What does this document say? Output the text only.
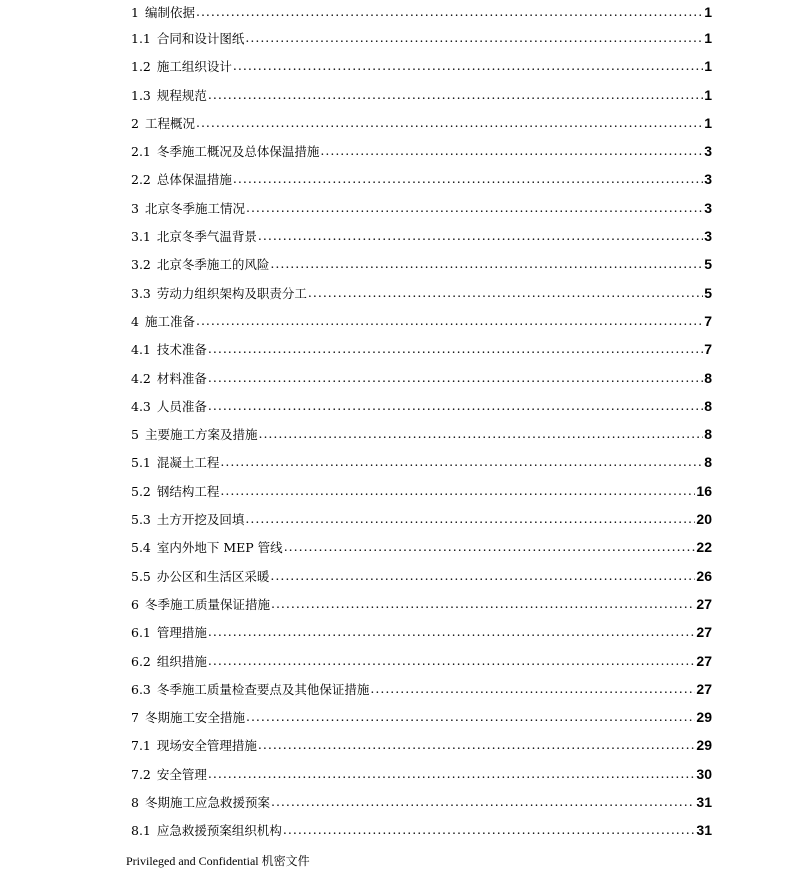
1 编制依据 .....	1
1.1 合同和设计图纸 .....	1
1.2 施工组织设计 .....	1
1.3 规程规范 .....	1
2 工程概况 .....	1
2.1 冬季施工概况及总体保温措施 .....	3
2.2 总体保温措施 .....	3
3 北京冬季施工情况 .....	3
3.1 北京冬季气温背景 .....	3
3.2 北京冬季施工的风险 .....	5
3.3 劳动力组织架构及职责分工 .....	5
4 施工准备 .....	7
4.1 技术准备 .....	7
4.2 材料准备 .....	8
4.3 人员准备 .....	8
5 主要施工方案及措施 .....	8
5.1 混凝土工程 .....	8
5.2 钢结构工程 .....	16
5.3 土方开挖及回填 .....	20
5.4 室内外地下 MEP 管线 .....	22
5.5 办公区和生活区采暖 .....	26
6 冬季施工质量保证措施 .....	27
6.1 管理措施 .....	27
6.2 组织措施 .....	27
6.3 冬季施工质量检查要点及其他保证措施 .....	27
7 冬期施工安全措施 .....	29
7.1 现场安全管理措施 .....	29
7.2 安全管理 .....	30
8 冬期施工应急救援预案 .....	31
8.1 应急救援预案组织机构 .....	31
Privileged and Confidential 机密文件
